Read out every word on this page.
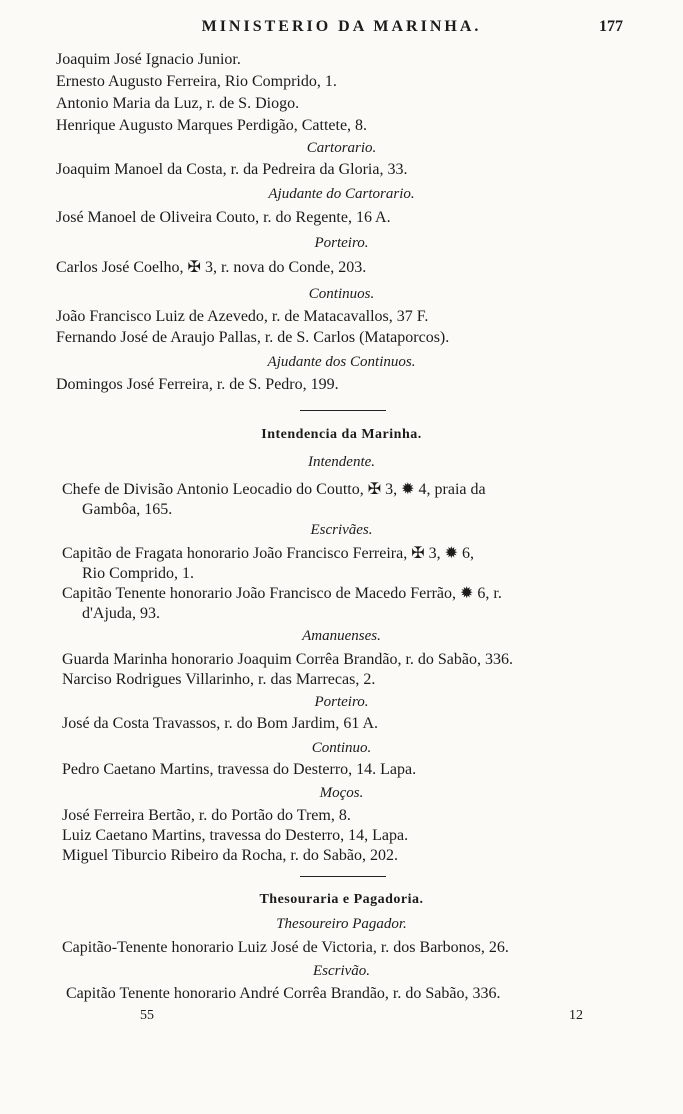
MINISTERIO DA MARINHA.	177
Joaquim José Ignacio Junior.
Ernesto Augusto Ferreira, Rio Comprido, 1.
Antonio Maria da Luz, r. de S. Diogo.
Henrique Augusto Marques Perdigão, Cattete, 8.
Cartorario.
Joaquim Manoel da Costa, r. da Pedreira da Gloria, 33.
Ajudante do Cartorario.
José Manoel de Oliveira Couto, r. do Regente, 16 A.
Porteiro.
Carlos José Coelho, ✠ 3, r. nova do Conde, 203.
Continuos.
João Francisco Luiz de Azevedo, r. de Matacavallos, 37 F.
Fernando José de Araujo Pallas, r. de S. Carlos (Mataporcos).
Ajudante dos Continuos.
Domingos José Ferreira, r. de S. Pedro, 199.
Intendencia da Marinha.
Intendente.
Chefe de Divisão Antonio Leocadio do Coutto, ✠ 3, ✹ 4, praia da
Gambôa, 165.
Escrivães.
Capitão de Fragata honorario João Francisco Ferreira, ✠ 3, ✹ 6,
Rio Comprido, 1.
Capitão Tenente honorario João Francisco de Macedo Ferrão, ✹ 6, r.
d'Ajuda, 93.
Amanuenses.
Guarda Marinha honorario Joaquim Corrêa Brandão, r. do Sabão, 336.
Narciso Rodrigues Villarinho, r. das Marrecas, 2.
Porteiro.
José da Costa Travassos, r. do Bom Jardim, 61 A.
Continuo.
Pedro Caetano Martins, travessa do Desterro, 14. Lapa.
Moços.
José Ferreira Bertão, r. do Portão do Trem, 8.
Luiz Caetano Martins, travessa do Desterro, 14, Lapa.
Miguel Tiburcio Ribeiro da Rocha, r. do Sabão, 202.
Thesouraria e Pagadoria.
Thesoureiro Pagador.
Capitão-Tenente honorario Luiz José de Victoria, r. dos Barbonos, 26.
Escrivão.
Capitão Tenente honorario André Corrêa Brandão, r. do Sabão, 336.
55	12
